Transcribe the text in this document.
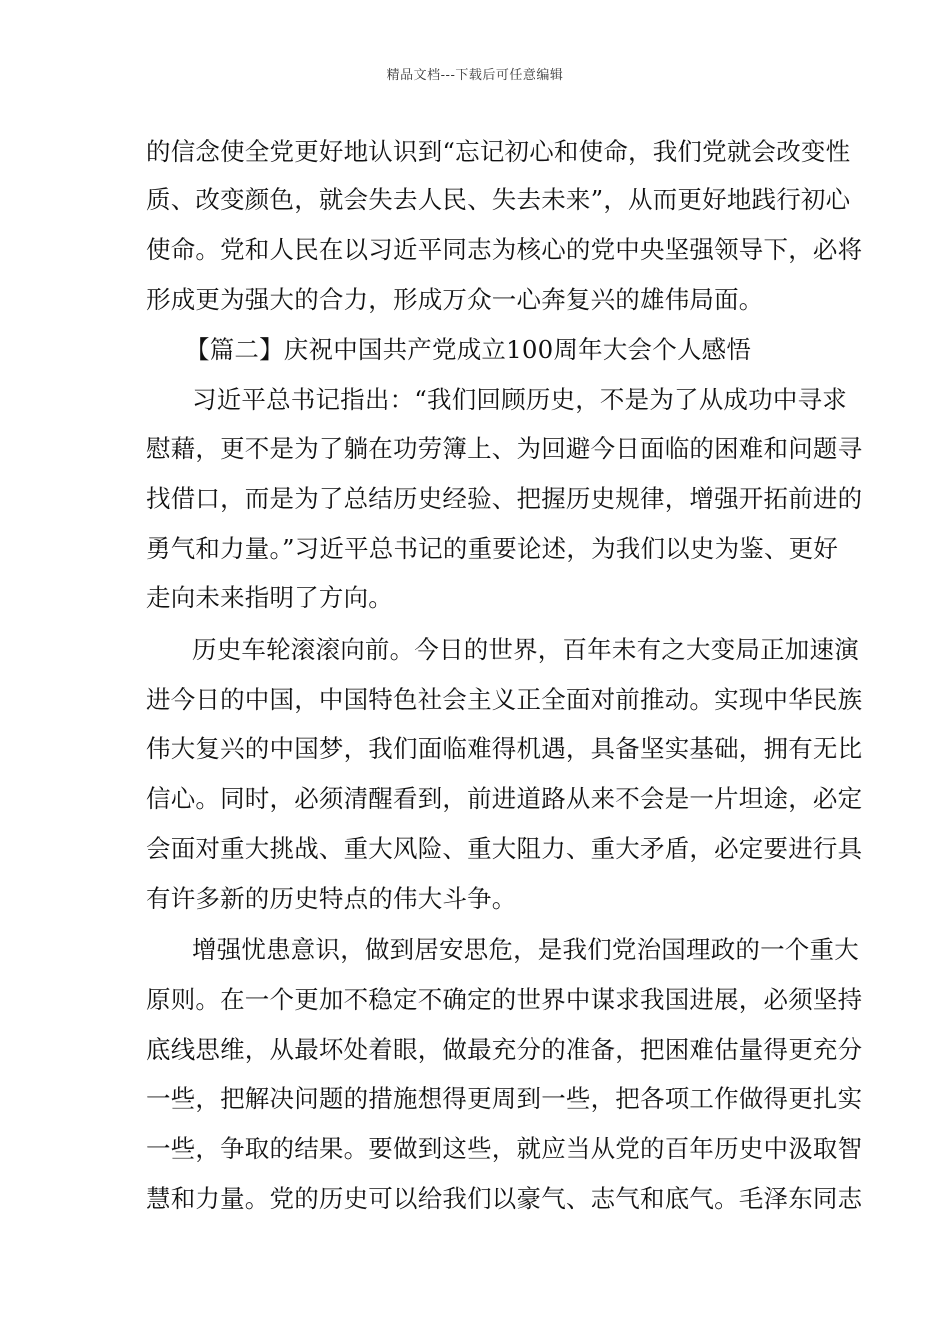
精品文档---下载后可任意编辑
的信念使全党更好地认识到“忘记初心和使命，我们党就会改变性
质、改变颜色，就会失去人民、失去未来”，从而更好地践行初心
使命。党和人民在以习近平同志为核心的党中央坚强领导下，必将
形成更为强大的合力，形成万众一心奔复兴的雄伟局面。
【篇二】庆祝中国共产党成立100周年大会个人感悟
习近平总书记指出：“我们回顾历史，不是为了从成功中寻求
慰藉，更不是为了躺在功劳簿上、为回避今日面临的困难和问题寻
找借口，而是为了总结历史经验、把握历史规律，增强开拓前进的
勇气和力量。”习近平总书记的重要论述，为我们以史为鉴、更好
走向未来指明了方向。
历史车轮滚滚向前。今日的世界，百年未有之大变局正加速演
进今日的中国，中国特色社会主义正全面对前推动。实现中华民族
伟大复兴的中国梦，我们面临难得机遇，具备坚实基础，拥有无比
信心。同时，必须清醒看到，前进道路从来不会是一片坦途，必定
会面对重大挑战、重大风险、重大阻力、重大矛盾，必定要进行具
有许多新的历史特点的伟大斗争。
增强忧患意识，做到居安思危，是我们党治国理政的一个重大
原则。在一个更加不稳定不确定的世界中谋求我国进展，必须坚持
底线思维，从最坏处着眼，做最充分的准备，把困难估量得更充分
一些，把解决问题的措施想得更周到一些，把各项工作做得更扎实
一些，争取的结果。要做到这些，就应当从党的百年历史中汲取智
慧和力量。党的历史可以给我们以豪气、志气和底气。毛泽东同志
